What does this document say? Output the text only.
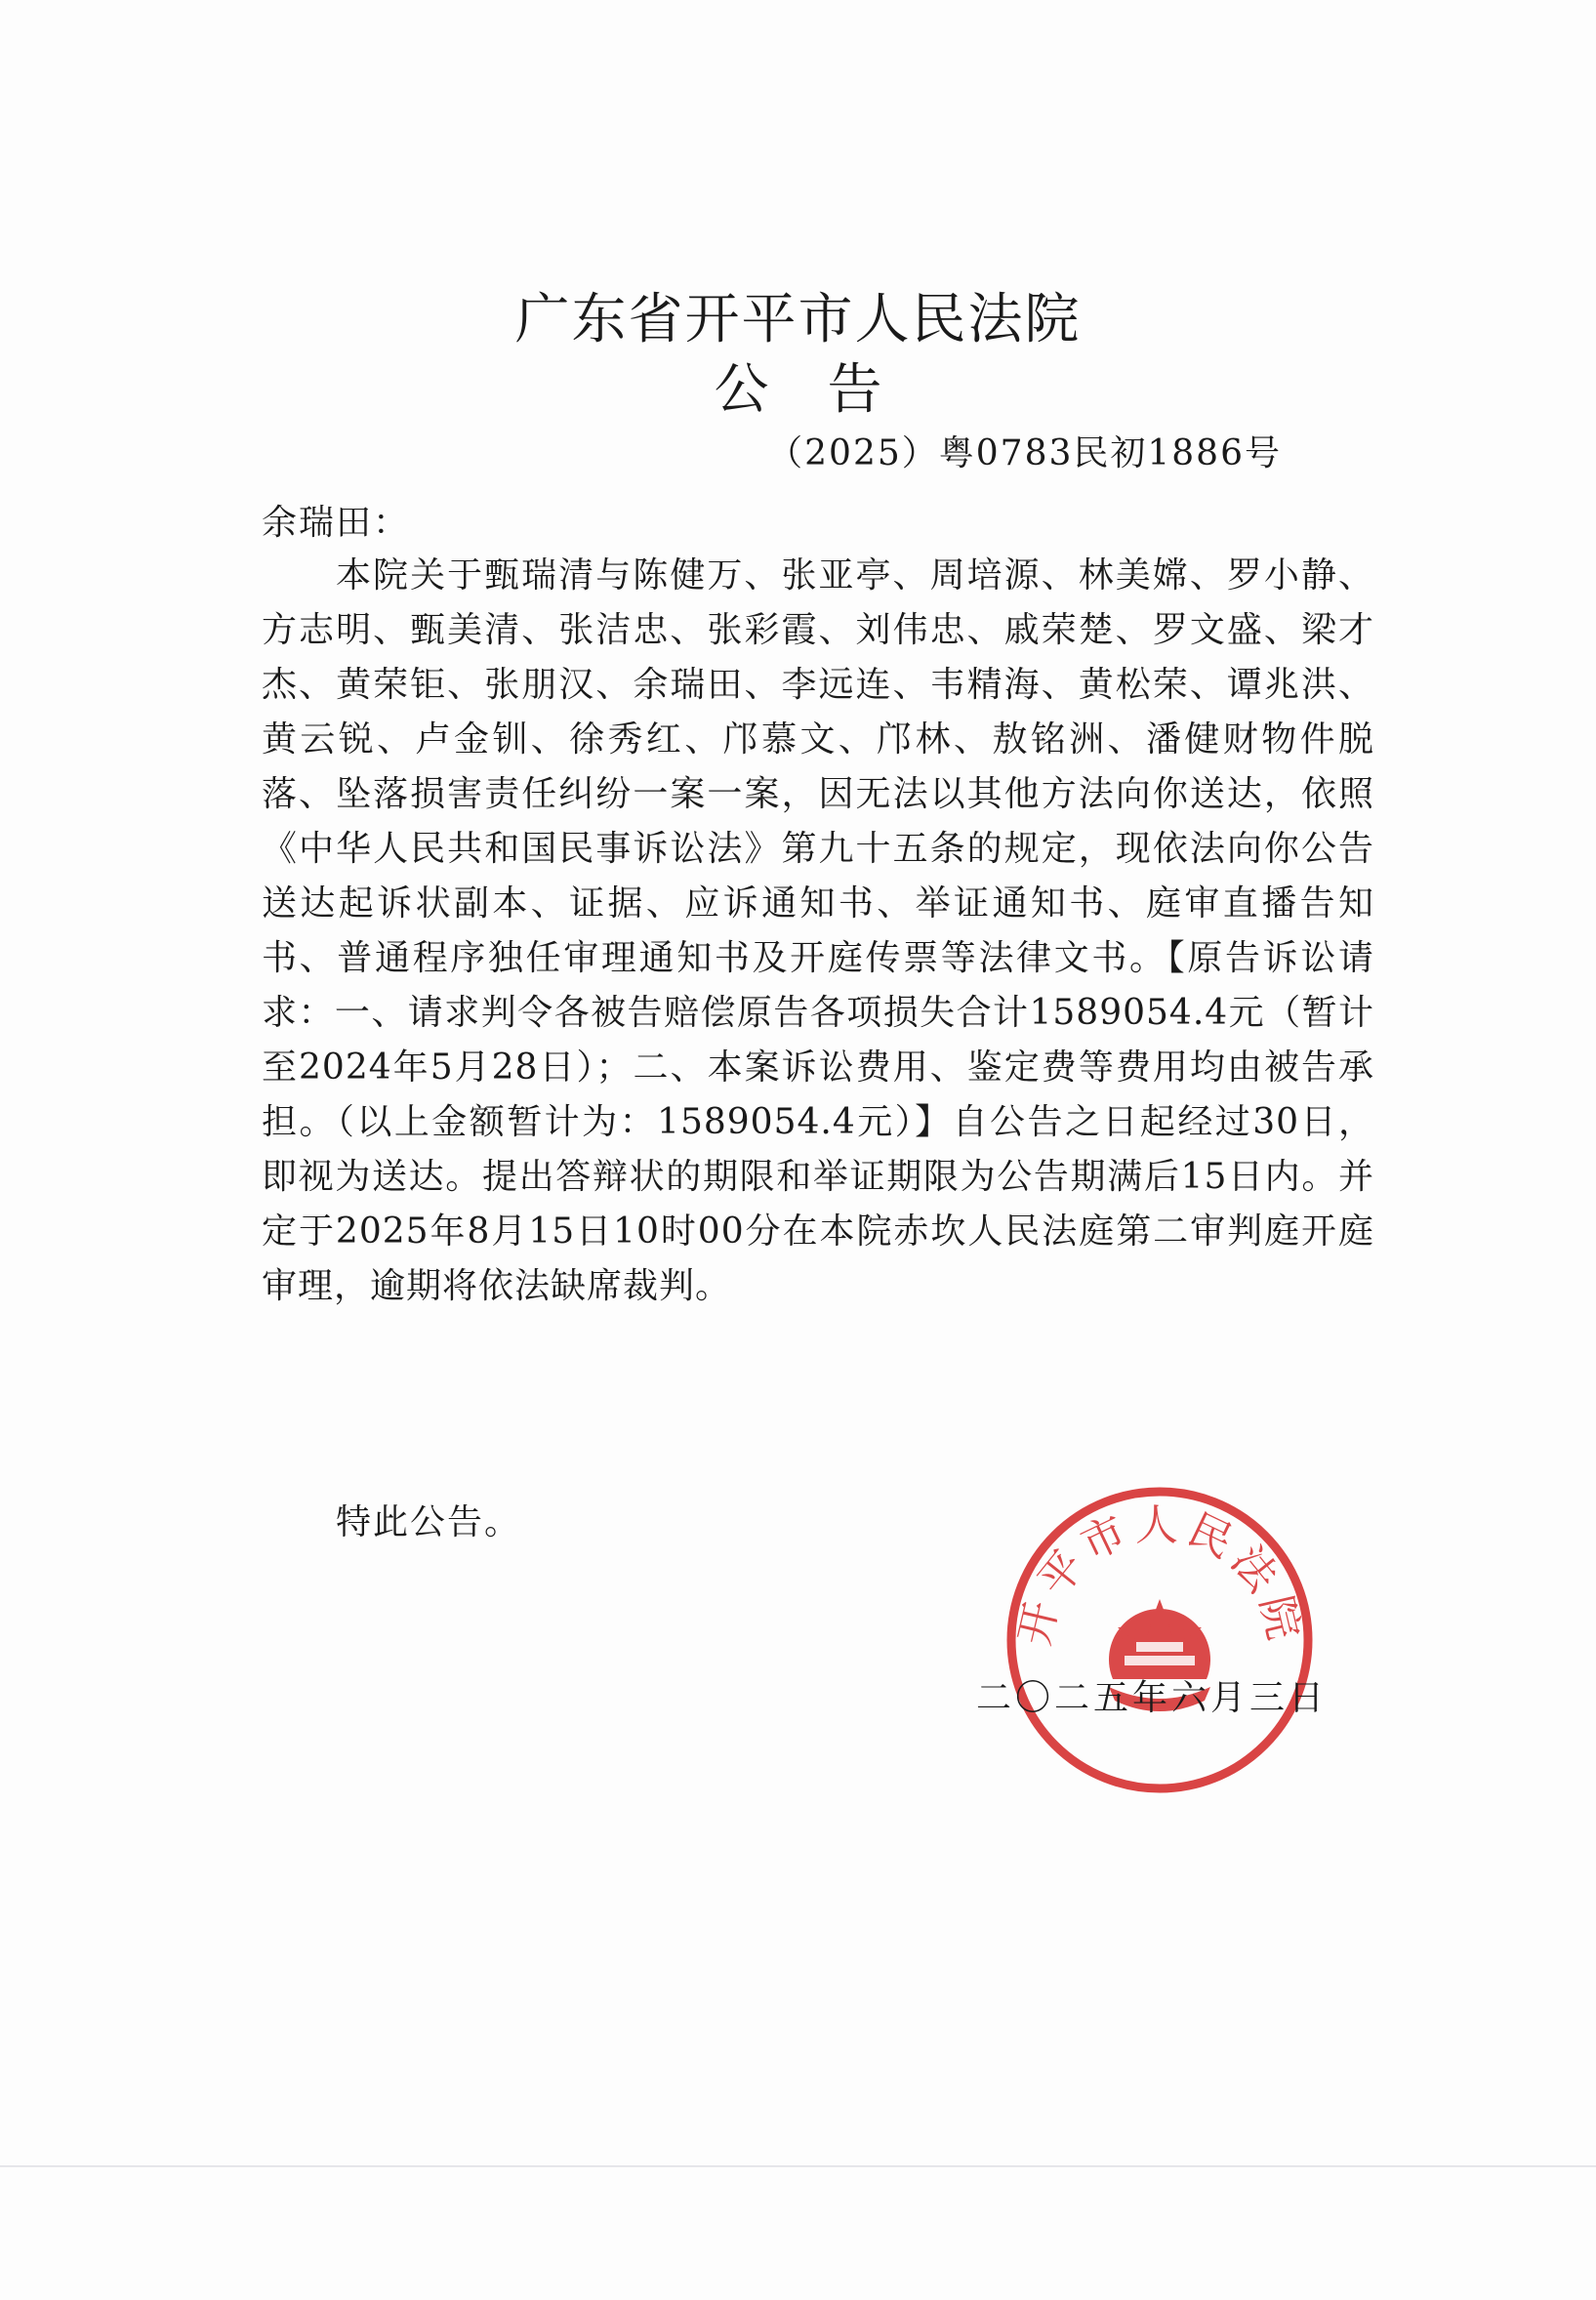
广东省开平市人民法院
公告
（2025）粤0783民初1886号
余瑞田：

本院关于甄瑞清与陈健万、张亚亭、周培源、林美嫦、罗小静、方志明、甄美清、张洁忠、张彩霞、刘伟忠、戚荣楚、罗文盛、梁才杰、黄荣钜、张朋汉、余瑞田、李远连、韦精海、黄松荣、谭兆洪、黄云锐、卢金钏、徐秀红、邝慕文、邝林、敖铭洲、潘健财物件脱落、坠落损害责任纠纷一案一案，因无法以其他方法向你送达，依照《中华人民共和国民事诉讼法》第九十五条的规定，现依法向你公告送达起诉状副本、证据、应诉通知书、举证通知书、庭审直播告知书、普通程序独任审理通知书及开庭传票等法律文书。【原告诉讼请求：一、请求判令各被告赔偿原告各项损失合计1589054.4元（暂计至2024年5月28日）；二、本案诉讼费用、鉴定费等费用均由被告承担。（以上金额暂计为：1589054.4元）】自公告之日起经过30日，即视为送达。提出答辩状的期限和举证期限为公告期满后15日内。并定于2025年8月15日10时00分在本院赤坎人民法庭第二审判庭开庭审理，逾期将依法缺席裁判。

特此公告。
开平市人民法院
二〇二五年六月三日
